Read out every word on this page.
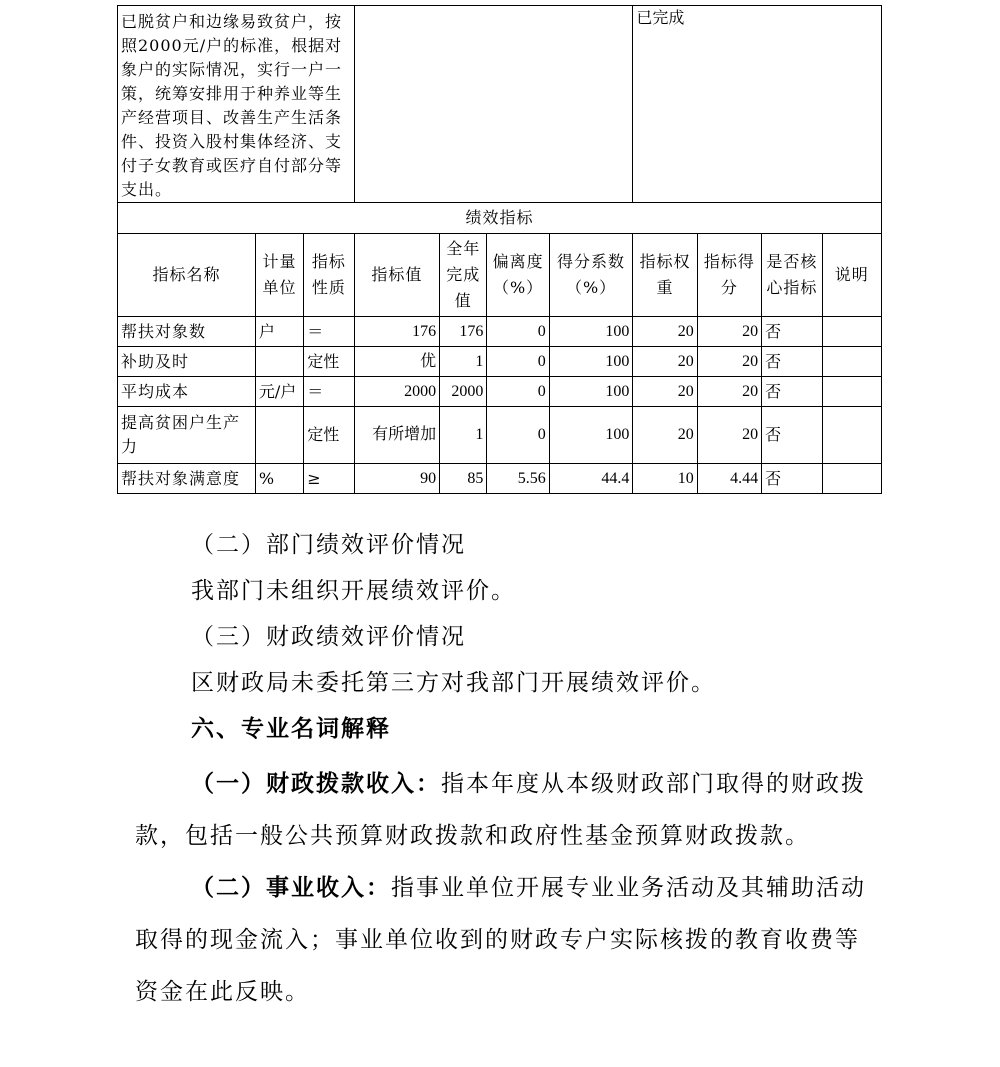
已脱贫户和边缘易致贫户，按照2000元/户的标准，根据对象户的实际情况，实行一户一策，统筹安排用于种养业等生产经营项目、改善生产生活条件、投资入股村集体经济、支付子女教育或医疗自付部分等支出。							已完成			
绩效指标										
指标名称	计量单位	指标性质	指标值	全年完成值	偏离度（%）	得分系数（%）	指标权重	指标得分	是否核心指标	说明
帮扶对象数	户	＝	176	176	0	100	20	20	否	
补助及时		定性	优	1	0	100	20	20	否	
平均成本	元/户	＝	2000	2000	0	100	20	20	否	
提高贫困户生产力		定性	有所增加	1	0	100	20	20	否	
帮扶对象满意度	%	≥	90	85	5.56	44.4	10	4.44	否	

（二）部门绩效评价情况

我部门未组织开展绩效评价。

（三）财政绩效评价情况

区财政局未委托第三方对我部门开展绩效评价。

六、专业名词解释

（一）财政拨款收入：指本年度从本级财政部门取得的财政拨款，包括一般公共预算财政拨款和政府性基金预算财政拨款。

（二）事业收入：指事业单位开展专业业务活动及其辅助活动取得的现金流入；事业单位收到的财政专户实际核拨的教育收费等资金在此反映。
